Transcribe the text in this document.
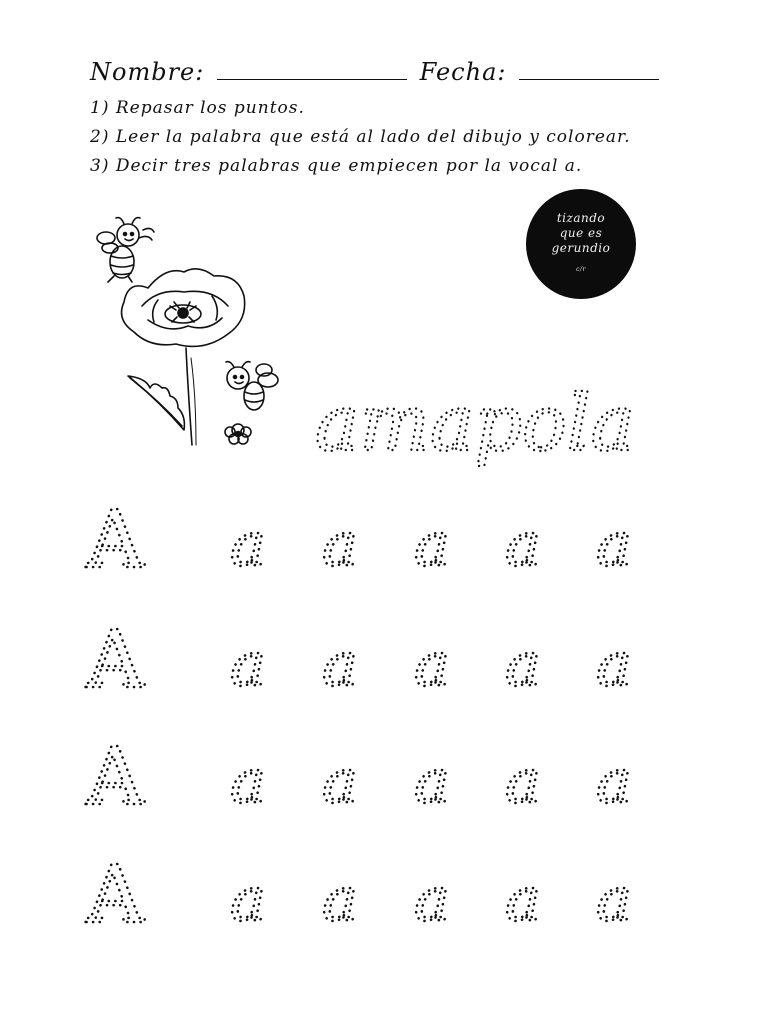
Nombre:	Fecha:
1) Repasar los puntos.
2) Leer la palabra que está al lado del dibujo y colorear.
3) Decir tres palabras que empiecen por la vocal a.
tizando
que es
gerundio
c/r
amapola
A a a a a a
A a a a a a
A a a a a a
A a a a a a
